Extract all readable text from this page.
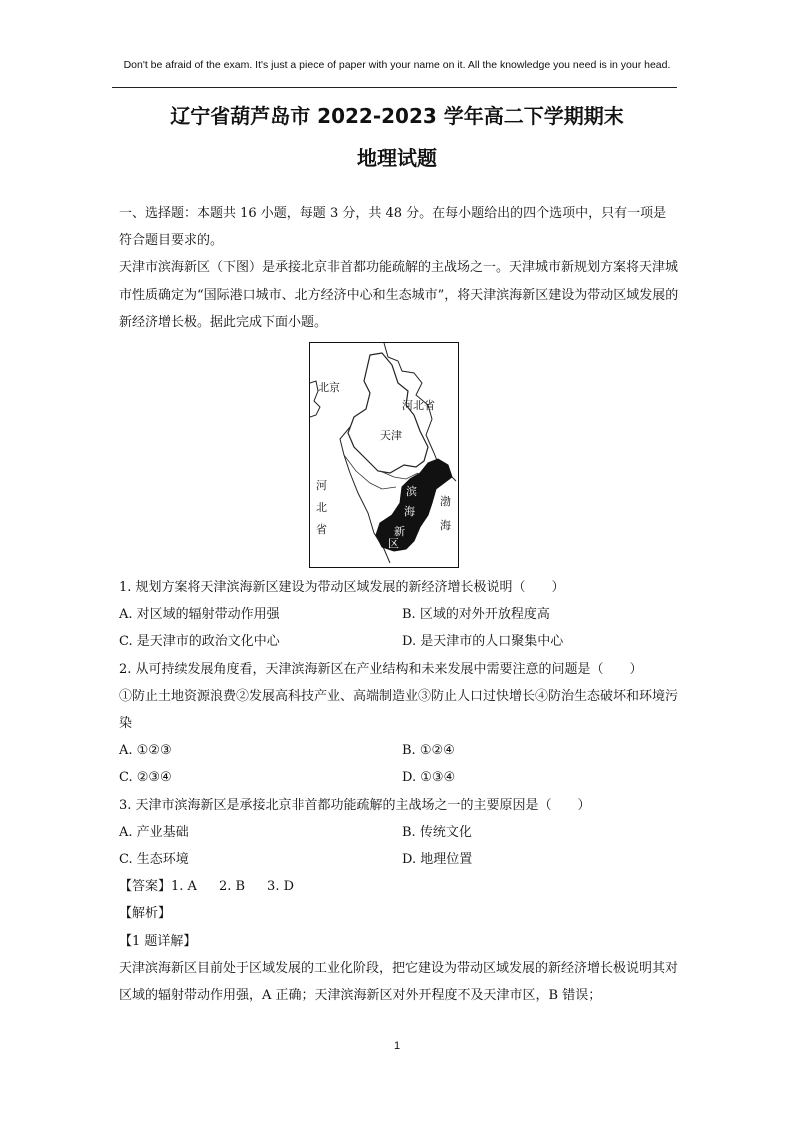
Don't be afraid of the exam. It's just a piece of paper with your name on it. All the knowledge you need is in your head.
辽宁省葫芦岛市 2022-2023 学年高二下学期期末
地理试题

一、选择题：本题共 16 小题，每题 3 分，共 48 分。在每小题给出的四个选项中，只有一项是符合题目要求的。

天津市滨海新区（下图）是承接北京非首都功能疏解的主战场之一。天津城市新规划方案将天津城市性质确定为“国际港口城市、北方经济中心和生态城市”，将天津滨海新区建设为带动区域发展的新经济增长极。据此完成下面小题。

北京
河北省
天津
河
北
省
滨
海
新
区
渤
海

1. 规划方案将天津滨海新区建设为带动区域发展的新经济增长极说明（　　）

A. 对区域的辐射带动作用强	B. 区域的对外开放程度高
C. 是天津市的政治文化中心	D. 是天津市的人口聚集中心

2. 从可持续发展角度看，天津滨海新区在产业结构和未来发展中需要注意的问题是（　　）

①防止土地资源浪费②发展高科技产业、高端制造业③防止人口过快增长④防治生态破坏和环境污染

A. ①②③	B. ①②④
C. ②③④	D. ①③④

3. 天津市滨海新区是承接北京非首都功能疏解的主战场之一的主要原因是（　　）

A. 产业基础	B. 传统文化
C. 生态环境	D. 地理位置

【答案】1. A 2. B 3. D

【解析】

【1 题详解】

天津滨海新区目前处于区域发展的工业化阶段，把它建设为带动区域发展的新经济增长极说明其对区域的辐射带动作用强，A 正确；天津滨海新区对外开程度不及天津市区，B 错误；

1
